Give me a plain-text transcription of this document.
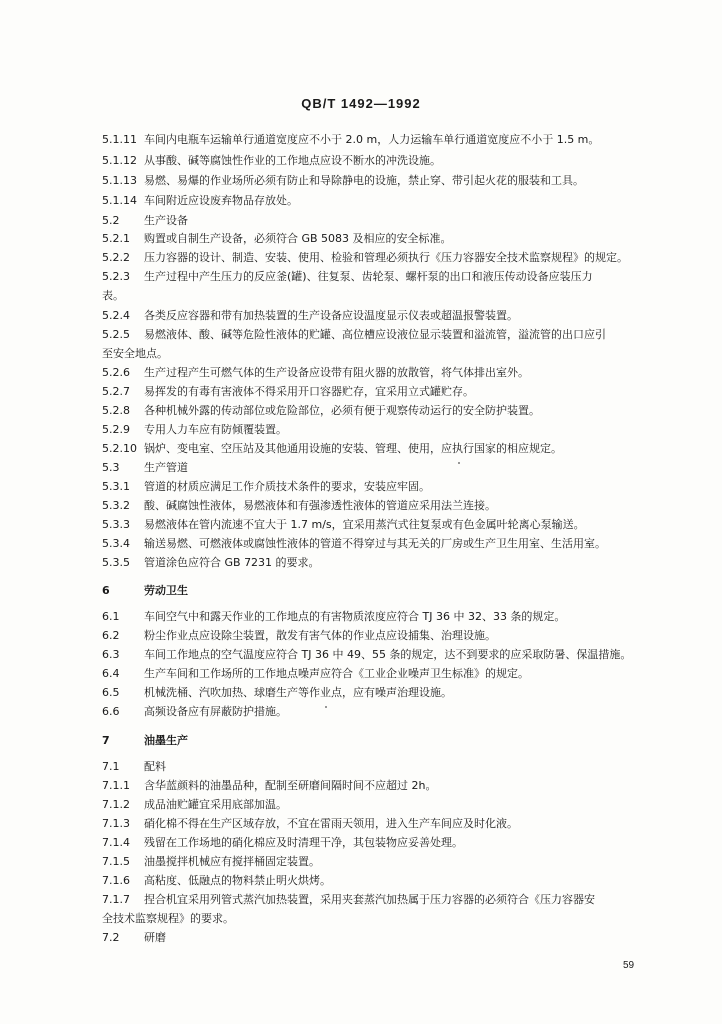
QB/T 1492—1992
5.1.11 车间内电瓶车运输单行通道宽度应不小于 2.0 m，人力运输车单行通道宽度应不小于 1.5 m。
5.1.12 从事酸、碱等腐蚀性作业的工作地点应设不断水的冲洗设施。
5.1.13 易燃、易爆的作业场所必须有防止和导除静电的设施，禁止穿、带引起火花的服装和工具。
5.1.14 车间附近应设废弃物品存放处。
5.2 生产设备
5.2.1 购置或自制生产设备，必须符合 GB 5083 及相应的安全标准。
5.2.2 压力容器的设计、制造、安装、使用、检验和管理必须执行《压力容器安全技术监察规程》的规定。
5.2.3 生产过程中产生压力的反应釜(罐)、往复泵、齿轮泵、螺杆泵的出口和液压传动设备应装压力
表。
5.2.4 各类反应容器和带有加热装置的生产设备应设温度显示仪表或超温报警装置。
5.2.5 易燃液体、酸、碱等危险性液体的贮罐、高位槽应设液位显示装置和溢流管，溢流管的出口应引
至安全地点。
5.2.6 生产过程产生可燃气体的生产设备应设带有阻火器的放散管，将气体排出室外。
5.2.7 易挥发的有毒有害液体不得采用开口容器贮存，宜采用立式罐贮存。
5.2.8 各种机械外露的传动部位或危险部位，必须有便于观察传动运行的安全防护装置。
5.2.9 专用人力车应有防倾覆装置。
5.2.10 锅炉、变电室、空压站及其他通用设施的安装、管理、使用，应执行国家的相应规定。
5.3 生产管道
5.3.1 管道的材质应满足工作介质技术条件的要求，安装应牢固。
5.3.2 酸、碱腐蚀性液体，易燃液体和有强渗透性液体的管道应采用法兰连接。
5.3.3 易燃液体在管内流速不宜大于 1.7 m/s，宜采用蒸汽式往复泵或有色金属叶轮离心泵输送。
5.3.4 输送易燃、可燃液体或腐蚀性液体的管道不得穿过与其无关的厂房或生产卫生用室、生活用室。
5.3.5 管道涂色应符合 GB 7231 的要求。
6	劳动卫生
6.1 车间空气中和露天作业的工作地点的有害物质浓度应符合 TJ 36 中 32、33 条的规定。
6.2 粉尘作业点应设除尘装置，散发有害气体的作业点应设捕集、治理设施。
6.3 车间工作地点的空气温度应符合 TJ 36 中 49、55 条的规定，达不到要求的应采取防暑、保温措施。
6.4 生产车间和工作场所的工作地点噪声应符合《工业企业噪声卫生标准》的规定。
6.5 机械洗桶、汽吹加热、球磨生产等作业点，应有噪声治理设施。
6.6 高频设备应有屏蔽防护措施。
7	油墨生产
7.1 配料
7.1.1 含华蓝颜料的油墨品种，配制至研磨间隔时间不应超过 2h。
7.1.2 成品油贮罐宜采用底部加温。
7.1.3 硝化棉不得在生产区域存放，不宜在雷雨天领用，进入生产车间应及时化液。
7.1.4 残留在工作场地的硝化棉应及时清理干净，其包装物应妥善处理。
7.1.5 油墨搅拌机械应有搅拌桶固定装置。
7.1.6 高粘度、低融点的物料禁止明火烘烤。
7.1.7 捏合机宜采用列管式蒸汽加热装置，采用夹套蒸汽加热属于压力容器的必须符合《压力容器安
全技术监察规程》的要求。
7.2 研磨
59
